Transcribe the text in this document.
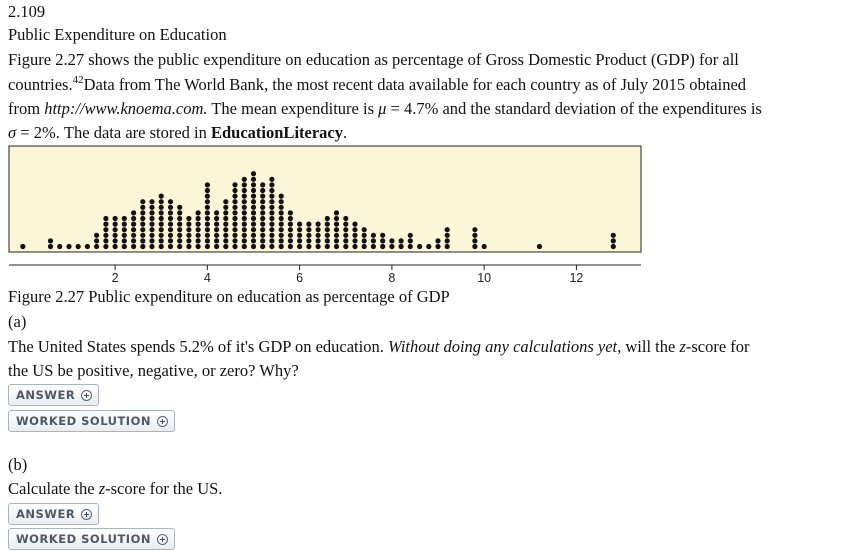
2.109
Public Expenditure on Education
Figure 2.27 shows the public expenditure on education as percentage of Gross Domestic Product (GDP) for all
countries.$^{42}$Data from The World Bank, the most recent data available for each country as of July 2015 obtained
from http://www.knoema.com. The mean expenditure is μ = 4.7% and the standard deviation of the expenditures is
σ = 2%. The data are stored in EducationLiteracy.
2	4	6	8	10	12
Figure 2.27 Public expenditure on education as percentage of GDP
(a)
The United States spends 5.2% of it's GDP on education. Without doing any calculations yet, will the z-score for
the US be positive, negative, or zero? Why?
ANSWER
WORKED SOLUTION
(b)
Calculate the z-score for the US.
ANSWER
WORKED SOLUTION
